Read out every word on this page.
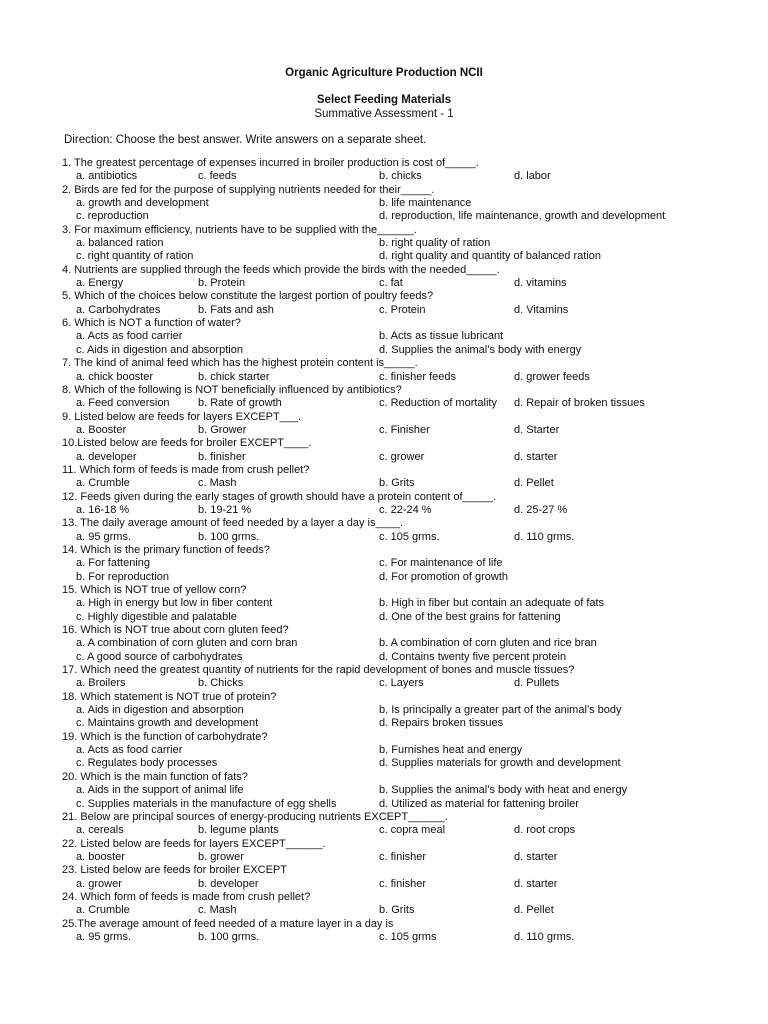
Organic Agriculture Production NCII
Select Feeding Materials
Summative Assessment - 1
Direction: Choose the best answer. Write answers on a separate sheet.
1. The greatest percentage of expenses incurred in broiler production is cost of_____.
a. antibiotics	c. feeds	b. chicks	d. labor
2. Birds are fed for the purpose of supplying nutrients needed for their_____.
a. growth and development	b. life maintenance
c. reproduction	d. reproduction, life maintenance, growth and development
3. For maximum efficiency, nutrients have to be supplied with the______.
a. balanced ration	b. right quality of ration
c. right quantity of ration	d. right quality and quantity of balanced ration
4. Nutrients are supplied through the feeds which provide the birds with the needed_____.
a. Energy	b. Protein	c. fat	d. vitamins
5. Which of the choices below constitute the largest portion of poultry feeds?
a. Carbohydrates	b. Fats and ash	c. Protein	d. Vitamins
6. Which is NOT a function of water?
a. Acts as food carrier	b. Acts as tissue lubricant
c. Aids in digestion and absorption	d. Supplies the animal’s body with energy
7. The kind of animal feed which has the highest protein content is_____.
a. chick booster	b. chick starter	c. finisher feeds	d. grower feeds
8. Which of the following is NOT beneficially influenced by antibiotics?
a. Feed conversion	b. Rate of growth	c. Reduction of mortality d. Repair of broken tissues
9. Listed below are feeds for layers EXCEPT___.
a. Booster	b. Grower	c. Finisher	d. Starter
10.Listed below are feeds for broiler EXCEPT____.
a. developer	b. finisher	c. grower	d. starter
11. Which form of feeds is made from crush pellet?
a. Crumble	c. Mash	b. Grits	d. Pellet
12. Feeds given during the early stages of growth should have a protein content of_____.
a. 16-18 %	b. 19-21 %	c. 22-24 %	d. 25-27 %
13. The daily average amount of feed needed by a layer a day is____.
a. 95 grms.	b. 100 grms.	c. 105 grms.	d. 110 grms.
14. Which is the primary function of feeds?
a. For fattening	c. For maintenance of life
b. For reproduction	d. For promotion of growth
15. Which is NOT true of yellow corn?
a. High in energy but low in fiber content	b. High in fiber but contain an adequate of fats
c. Highly digestible and palatable	d. One of the best grains for fattening
16. Which is NOT true about corn gluten feed?
a. A combination of corn gluten and corn bran	b. A combination of corn gluten and rice bran
c. A good source of carbohydrates	d. Contains twenty five percent protein
17. Which need the greatest quantity of nutrients for the rapid development of bones and muscle tissues?
a. Broilers	b. Chicks	c. Layers	d. Pullets
18. Which statement is NOT true of protein?
a. Aids in digestion and absorption	b. Is principally a greater part of the animal’s body
c. Maintains growth and development	d. Repairs broken tissues
19. Which is the function of carbohydrate?
a. Acts as food carrier	b. Furnishes heat and energy
c. Regulates body processes	d. Supplies materials for growth and development
20. Which is the main function of fats?
a. Aids in the support of animal life	b. Supplies the animal’s body with heat and energy
c. Supplies materials in the manufacture of egg shells	d. Utilized as material for fattening broiler
21. Below are principal sources of energy-producing nutrients EXCEPT______.
a. cereals	b. legume plants	c. copra meal	d. root crops
22. Listed below are feeds for layers EXCEPT______.
a. booster	b. grower	c. finisher	d. starter
23. Listed below are feeds for broiler EXCEPT
a. grower	b. developer	c. finisher	d. starter
24. Which form of feeds is made from crush pellet?
a. Crumble	c. Mash	b. Grits	d. Pellet
25.The average amount of feed needed of a mature layer in a day is
a. 95 grms.	b. 100 grms.	c. 105 grms	d. 110 grms.
